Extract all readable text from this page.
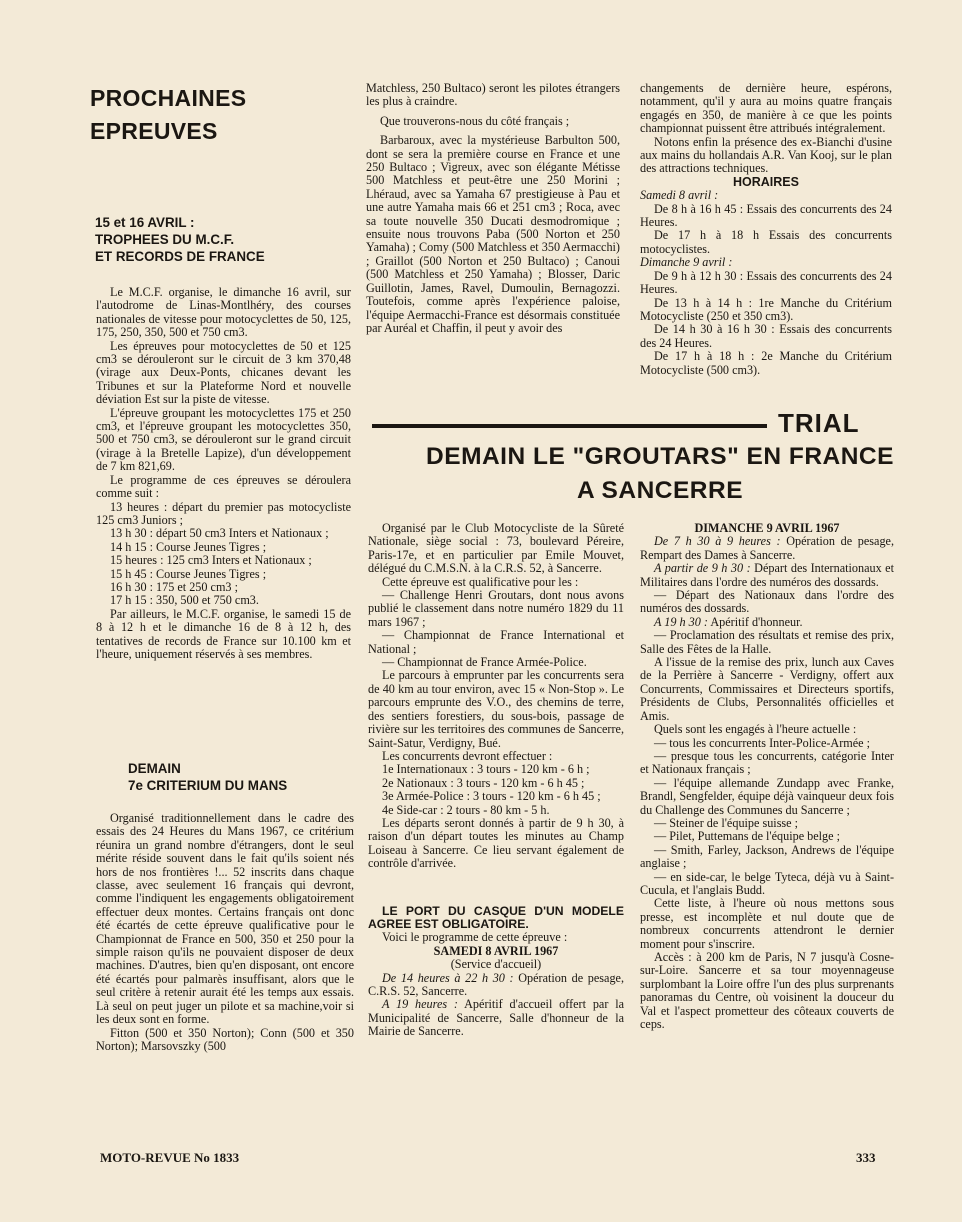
PROCHAINES
EPREUVES
15 et 16 AVRIL :
TROPHEES DU M.C.F.
ET RECORDS DE FRANCE

Le M.C.F. organise, le dimanche 16 avril, sur l'autodrome de Linas-Montlhéry, des courses nationales de vitesse pour motocyclettes de 50, 125, 175, 250, 350, 500 et 750 cm3.

Les épreuves pour motocyclettes de 50 et 125 cm3 se dérouleront sur le circuit de 3 km 370,48 (virage aux Deux-Ponts, chicanes devant les Tribunes et sur la Plateforme Nord et nouvelle déviation Est sur la piste de vitesse.

L'épreuve groupant les motocyclettes 175 et 250 cm3, et l'épreuve groupant les motocyclettes 350, 500 et 750 cm3, se dérouleront sur le grand circuit (virage à la Bretelle Lapize), d'un développement de 7 km 821,69.

Le programme de ces épreuves se déroulera comme suit :

13 heures : départ du premier pas motocycliste 125 cm3 Juniors ;

13 h 30 : départ 50 cm3 Inters et Nationaux ;

14 h 15 : Course Jeunes Tigres ;

15 heures : 125 cm3 Inters et Nationaux ;

15 h 45 : Course Jeunes Tigres ;

16 h 30 : 175 et 250 cm3 ;

17 h 15 : 350, 500 et 750 cm3.

Par ailleurs, le M.C.F. organise, le samedi 15 de 8 à 12 h et le dimanche 16 de 8 à 12 h, des tentatives de records de France sur 10.100 km et l'heure, uniquement réservés à ses membres.

DEMAIN
7e CRITERIUM DU MANS

Organisé traditionnellement dans le cadre des essais des 24 Heures du Mans 1967, ce critérium réunira un grand nombre d'étrangers, dont le seul mérite réside souvent dans le fait qu'ils soient nés hors de nos frontières !... 52 inscrits dans chaque classe, avec seulement 16 français qui devront, comme l'indiquent les engagements obligatoirement effectuer deux montes. Certains français ont donc été écartés de cette épreuve qualificative pour le Championnat de France en 500, 350 et 250 pour la simple raison qu'ils ne pouvaient disposer de deux machines. D'autres, bien qu'en disposant, ont encore été écartés pour palmarès insuffisant, alors que le seul critère à retenir aurait été les temps aux essais. Là seul on peut juger un pilote et sa machine,voir si les deux sont en forme.

Fitton (500 et 350 Norton); Conn (500 et 350 Norton); Marsovszky (500

Matchless, 250 Bultaco) seront les pilotes étrangers les plus à craindre.

Que trouverons-nous du côté français ;

Barbaroux, avec la mystérieuse Barbulton 500, dont se sera la première course en France et une 250 Bultaco ; Vigreux, avec son élégante Métisse 500 Matchless et peut-être une 250 Morini ; Lhéraud, avec sa Yamaha 67 prestigieuse à Pau et une autre Yamaha mais 66 et 251 cm3 ; Roca, avec sa toute nouvelle 350 Ducati desmodromique ; ensuite nous trouvons Paba (500 Norton et 250 Yamaha) ; Comy (500 Matchless et 350 Aermacchi) ; Graillot (500 Norton et 250 Bultaco) ; Canoui (500 Matchless et 250 Yamaha) ; Blosser, Daric Guillotin, James, Ravel, Dumoulin, Bernagozzi. Toutefois, comme après l'expérience paloise, l'équipe Aermacchi-France est désormais constituée par Auréal et Chaffin, il peut y avoir des

changements de dernière heure, espérons, notamment, qu'il y aura au moins quatre français engagés en 350, de manière à ce que les points championnat puissent être attribués intégralement.

Notons enfin la présence des ex-Bianchi d'usine aux mains du hollandais A.R. Van Kooj, sur le plan des attractions techniques.

HORAIRES

Samedi 8 avril :

De 8 h à 16 h 45 : Essais des concurrents des 24 Heures.

De 17 h à 18 h Essais des concurrents motocyclistes.

Dimanche 9 avril :

De 9 h à 12 h 30 : Essais des concurrents des 24 Heures.

De 13 h à 14 h : 1re Manche du Critérium Motocycliste (250 et 350 cm3).

De 14 h 30 à 16 h 30 : Essais des concurrents des 24 Heures.

De 17 h à 18 h : 2e Manche du Critérium Motocycliste (500 cm3).

TRIAL
DEMAIN LE "GROUTARS" EN FRANCE
A SANCERRE

Organisé par le Club Motocycliste de la Sûreté Nationale, siège social : 73, boulevard Péreire, Paris-17e, et en particulier par Emile Mouvet, délégué du C.M.S.N. à la C.R.S. 52, à Sancerre.

Cette épreuve est qualificative pour les :

— Challenge Henri Groutars, dont nous avons publié le classement dans notre numéro 1829 du 11 mars 1967 ;

— Championnat de France International et National ;

— Championnat de France Armée-Police.

Le parcours à emprunter par les concurrents sera de 40 km au tour environ, avec 15 « Non-Stop ». Le parcours emprunte des V.O., des chemins de terre, des sentiers forestiers, du sous-bois, passage de rivière sur les territoires des communes de Sancerre, Saint-Satur, Verdigny, Bué.

Les concurrents devront effectuer :

1e Internationaux : 3 tours - 120 km - 6 h ;

2e Nationaux : 3 tours - 120 km - 6 h 45 ;

3e Armée-Police : 3 tours - 120 km - 6 h 45 ;

4e Side-car : 2 tours - 80 km - 5 h.

Les départs seront donnés à partir de 9 h 30, à raison d'un départ toutes les minutes au Champ Loiseau à Sancerre. Ce lieu servant également de contrôle d'arrivée.

LE PORT DU CASQUE D'UN MODELE AGREE EST OBLIGATOIRE.

Voici le programme de cette épreuve :

SAMEDI 8 AVRIL 1967

(Service d'accueil)

De 14 heures à 22 h 30 : Opération de pesage, C.R.S. 52, Sancerre.

A 19 heures : Apéritif d'accueil offert par la Municipalité de Sancerre, Salle d'honneur de la Mairie de Sancerre.

DIMANCHE 9 AVRIL 1967

De 7 h 30 à 9 heures : Opération de pesage, Rempart des Dames à Sancerre.

A partir de 9 h 30 : Départ des Internationaux et Militaires dans l'ordre des numéros des dossards.

— Départ des Nationaux dans l'ordre des numéros des dossards.

A 19 h 30 : Apéritif d'honneur.

— Proclamation des résultats et remise des prix, Salle des Fêtes de la Halle.

A l'issue de la remise des prix, lunch aux Caves de la Perrière à Sancerre - Verdigny, offert aux Concurrents, Commissaires et Directeurs sportifs, Présidents de Clubs, Personnalités officielles et Amis.

Quels sont les engagés à l'heure actuelle :

— tous les concurrents Inter-Police-Armée ;

— presque tous les concurrents, catégorie Inter et Nationaux français ;

— l'équipe allemande Zundapp avec Franke, Brandl, Sengfelder, équipe déjà vainqueur deux fois du Challenge des Communes du Sancerre ;

— Steiner de l'équipe suisse ;

— Pilet, Puttemans de l'équipe belge ;

— Smith, Farley, Jackson, Andrews de l'équipe anglaise ;

— en side-car, le belge Tyteca, déjà vu à Saint-Cucula, et l'anglais Budd.

Cette liste, à l'heure où nous mettons sous presse, est incomplète et nul doute que de nombreux concurrents attendront le dernier moment pour s'inscrire.

Accès : à 200 km de Paris, N 7 jusqu'à Cosne-sur-Loire. Sancerre et sa tour moyennageuse surplombant la Loire offre l'un des plus surprenants panoramas du Centre, où voisinent la douceur du Val et l'aspect prometteur des côteaux couverts de ceps.

MOTO-REVUE No 1833	333
